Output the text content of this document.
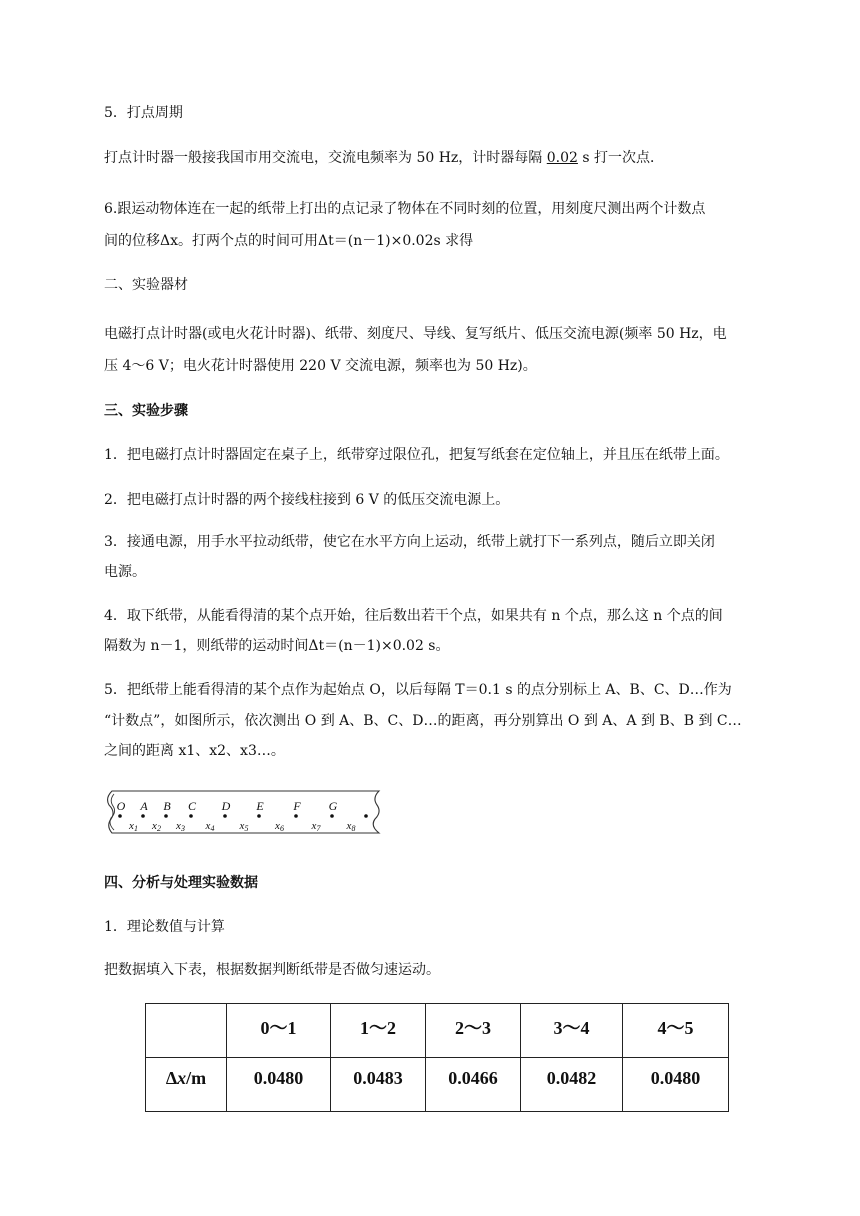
5．打点周期
打点计时器一般接我国市用交流电，交流电频率为 50 Hz，计时器每隔 0.02 s 打一次点．
6.跟运动物体连在一起的纸带上打出的点记录了物体在不同时刻的位置，用刻度尺测出两个计数点
间的位移Δx。打两个点的时间可用Δt＝(n－1)×0.02s 求得
二、实验器材
电磁打点计时器(或电火花计时器)、纸带、刻度尺、导线、复写纸片、低压交流电源(频率 50 Hz，电
压 4～6 V；电火花计时器使用 220 V 交流电源，频率也为 50 Hz)。
三、实验步骤
1．把电磁打点计时器固定在桌子上，纸带穿过限位孔，把复写纸套在定位轴上，并且压在纸带上面。
2．把电磁打点计时器的两个接线柱接到 6 V 的低压交流电源上。
3．接通电源，用手水平拉动纸带，使它在水平方向上运动，纸带上就打下一系列点，随后立即关闭
电源。
4．取下纸带，从能看得清的某个点开始，往后数出若干个点，如果共有 n 个点，那么这 n 个点的间
隔数为 n－1，则纸带的运动时间Δt＝(n－1)×0.02 s。
5．把纸带上能看得清的某个点作为起始点 O，以后每隔 T＝0.1 s 的点分别标上 A、B、C、D…作为
“计数点”，如图所示，依次测出 O 到 A、B、C、D…的距离，再分别算出 O 到 A、A 到 B、B 到 C…
之间的距离 x1、x2、x3…。
O A B C D E F G
x1 x2 x3 x4 x5 x6	x7 x8
四、分析与处理实验数据
1．理论数值与计算
把数据填入下表，根据数据判断纸带是否做匀速运动。
	0～1	1～2	2～3	3～4	4～5
Δx/m	0.0480	0.0483	0.0466	0.0482	0.0480
